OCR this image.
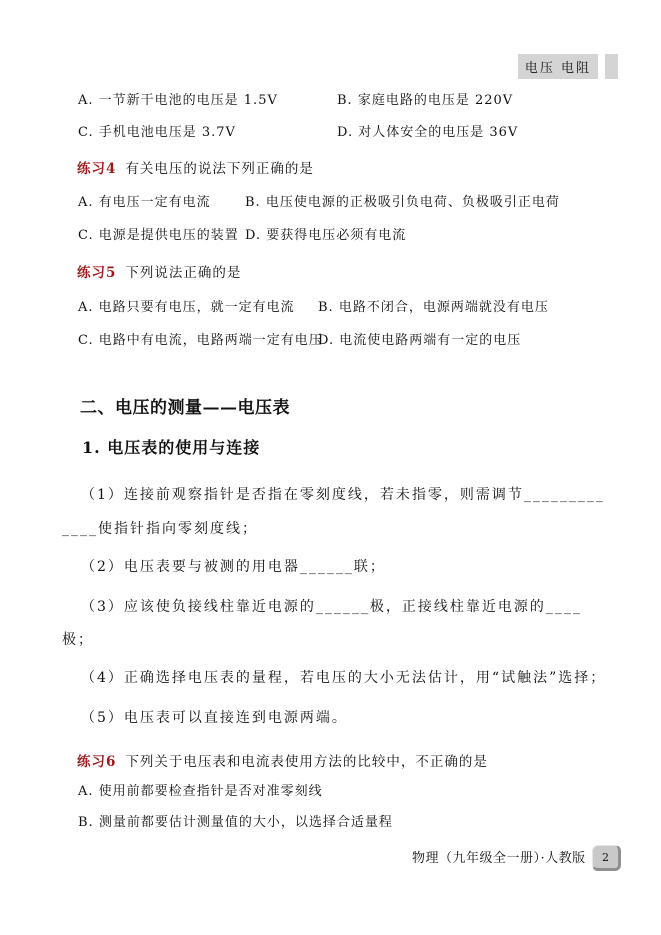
电压 电阻
A. 一节新干电池的电压是 1.5V	B. 家庭电路的电压是 220V
C. 手机电池电压是 3.7V	D. 对人体安全的电压是 36V
练习4 有关电压的说法下列正确的是
A. 有电压一定有电流	B. 电压使电源的正极吸引负电荷、负极吸引正电荷
C. 电源是提供电压的装置 D. 要获得电压必须有电流
练习5 下列说法正确的是
A. 电路只要有电压，就一定有电流 B. 电路不闭合，电源两端就没有电压
C. 电路中有电流，电路两端一定有电压
D. 电流使电路两端有一定的电压
二、电压的测量——电压表
1. 电压表的使用与连接
（1）连接前观察指针是否指在零刻度线，若未指零，则需调节_________
____使指针指向零刻度线；
（2）电压表要与被测的用电器______联；
（3）应该使负接线柱靠近电源的______极，正接线柱靠近电源的____
极；
（4）正确选择电压表的量程，若电压的大小无法估计，用“试触法”选择；
（5）电压表可以直接连到电源两端。
练习6 下列关于电压表和电流表使用方法的比较中，不正确的是
A. 使用前都要检查指针是否对准零刻线
B. 测量前都要估计测量值的大小，以选择合适量程
物理（九年级全一册）·人教版 2
